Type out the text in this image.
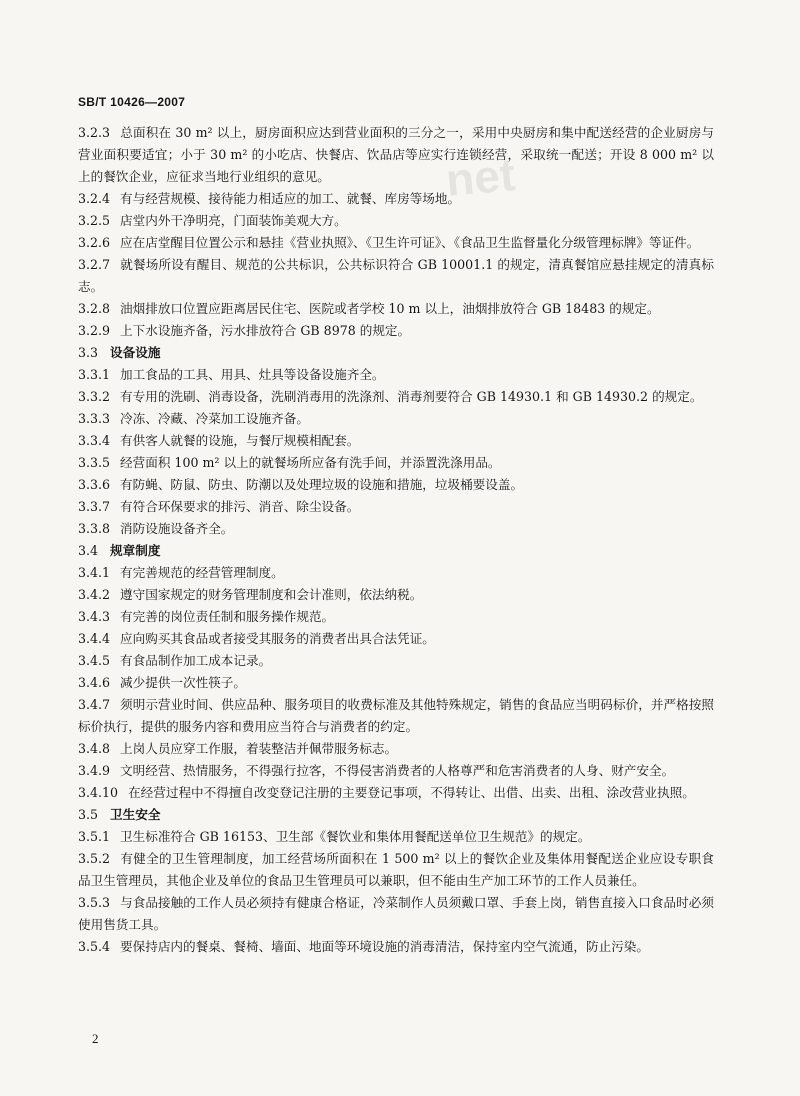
net
SB/T 10426—2007

3.2.3 总面积在 30 m² 以上，厨房面积应达到营业面积的三分之一，采用中央厨房和集中配送经营的企业厨房与营业面积要适宜；小于 30 m² 的小吃店、快餐店、饮品店等应实行连锁经营，采取统一配送；开设 8 000 m² 以上的餐饮企业，应征求当地行业组织的意见。

3.2.4 有与经营规模、接待能力相适应的加工、就餐、库房等场地。

3.2.5 店堂内外干净明亮，门面装饰美观大方。

3.2.6 应在店堂醒目位置公示和悬挂《营业执照》、《卫生许可证》、《食品卫生监督量化分级管理标牌》等证件。

3.2.7 就餐场所设有醒目、规范的公共标识，公共标识符合 GB 10001.1 的规定，清真餐馆应悬挂规定的清真标志。

3.2.8 油烟排放口位置应距离居民住宅、医院或者学校 10 m 以上，油烟排放符合 GB 18483 的规定。

3.2.9 上下水设施齐备，污水排放符合 GB 8978 的规定。

3.3 设备设施

3.3.1 加工食品的工具、用具、灶具等设备设施齐全。

3.3.2 有专用的洗刷、消毒设备，洗刷消毒用的洗涤剂、消毒剂要符合 GB 14930.1 和 GB 14930.2 的规定。

3.3.3 冷冻、冷藏、冷菜加工设施齐备。

3.3.4 有供客人就餐的设施，与餐厅规模相配套。

3.3.5 经营面积 100 m² 以上的就餐场所应备有洗手间，并添置洗涤用品。

3.3.6 有防蝇、防鼠、防虫、防潮以及处理垃圾的设施和措施，垃圾桶要设盖。

3.3.7 有符合环保要求的排污、消音、除尘设备。

3.3.8 消防设施设备齐全。

3.4 规章制度

3.4.1 有完善规范的经营管理制度。

3.4.2 遵守国家规定的财务管理制度和会计准则，依法纳税。

3.4.3 有完善的岗位责任制和服务操作规范。

3.4.4 应向购买其食品或者接受其服务的消费者出具合法凭证。

3.4.5 有食品制作加工成本记录。

3.4.6 减少提供一次性筷子。

3.4.7 须明示营业时间、供应品种、服务项目的收费标准及其他特殊规定，销售的食品应当明码标价，并严格按照标价执行，提供的服务内容和费用应当符合与消费者的约定。

3.4.8 上岗人员应穿工作服，着装整洁并佩带服务标志。

3.4.9 文明经营、热情服务，不得强行拉客，不得侵害消费者的人格尊严和危害消费者的人身、财产安全。

3.4.10 在经营过程中不得擅自改变登记注册的主要登记事项，不得转让、出借、出卖、出租、涂改营业执照。

3.5 卫生安全

3.5.1 卫生标准符合 GB 16153、卫生部《餐饮业和集体用餐配送单位卫生规范》的规定。

3.5.2 有健全的卫生管理制度，加工经营场所面积在 1 500 m² 以上的餐饮企业及集体用餐配送企业应设专职食品卫生管理员，其他企业及单位的食品卫生管理员可以兼职，但不能由生产加工环节的工作人员兼任。

3.5.3 与食品接触的工作人员必须持有健康合格证，冷菜制作人员须戴口罩、手套上岗，销售直接入口食品时必须使用售货工具。

3.5.4 要保持店内的餐桌、餐椅、墙面、地面等环境设施的消毒清洁，保持室内空气流通，防止污染。

2
